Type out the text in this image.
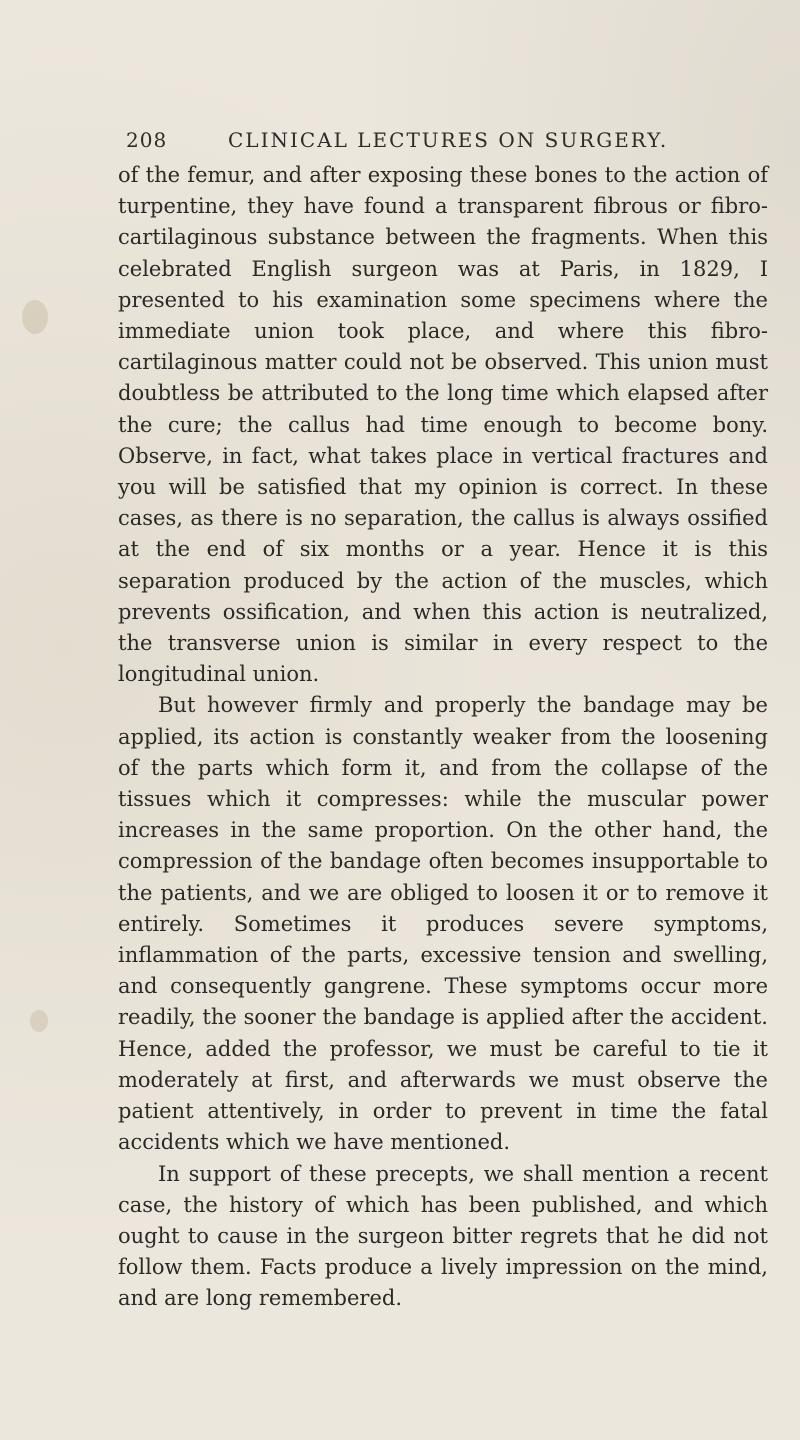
208	CLINICAL LECTURES ON SURGERY.

of the femur, and after exposing these bones to the action of turpentine, they have found a transparent fibrous or fibro-cartilaginous substance between the fragments. When this celebrated English surgeon was at Paris, in 1829, I presented to his examination some specimens where the immediate union took place, and where this fibro-cartilaginous matter could not be observed. This union must doubtless be attributed to the long time which elapsed after the cure; the callus had time enough to become bony. Observe, in fact, what takes place in vertical fractures and you will be satisfied that my opinion is correct. In these cases, as there is no separation, the callus is always ossified at the end of six months or a year. Hence it is this separation produced by the action of the muscles, which prevents ossification, and when this action is neutralized, the transverse union is similar in every respect to the longitudinal union.

But however firmly and properly the bandage may be applied, its action is constantly weaker from the loosening of the parts which form it, and from the collapse of the tissues which it compresses: while the muscular power increases in the same proportion. On the other hand, the compression of the bandage often becomes insupportable to the patients, and we are obliged to loosen it or to remove it entirely. Sometimes it produces severe symptoms, inflammation of the parts, excessive tension and swelling, and consequently gangrene. These symptoms occur more readily, the sooner the bandage is applied after the accident. Hence, added the professor, we must be careful to tie it moderately at first, and afterwards we must observe the patient attentively, in order to prevent in time the fatal accidents which we have mentioned.

In support of these precepts, we shall mention a recent case, the history of which has been published, and which ought to cause in the surgeon bitter regrets that he did not follow them. Facts produce a lively impression on the mind, and are long remembered.
